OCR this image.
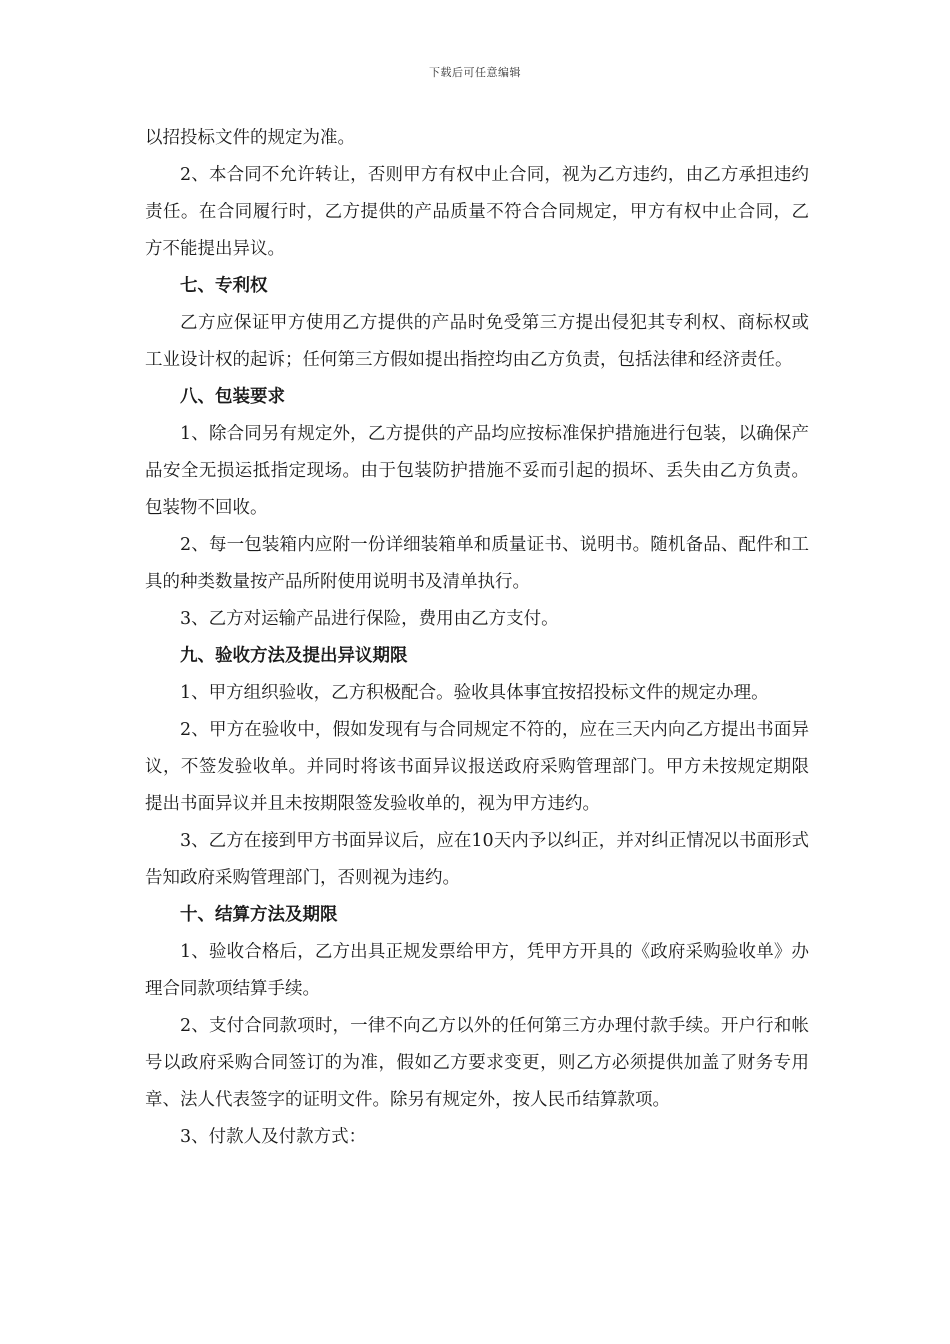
下载后可任意编辑

以招投标文件的规定为准。

2、本合同不允许转让，否则甲方有权中止合同，视为乙方违约，由乙方承担违约责任。在合同履行时，乙方提供的产品质量不符合合同规定，甲方有权中止合同，乙方不能提出异议。

七、专利权

乙方应保证甲方使用乙方提供的产品时免受第三方提出侵犯其专利权、商标权或工业设计权的起诉；任何第三方假如提出指控均由乙方负责，包括法律和经济责任。

八、包装要求

1、除合同另有规定外，乙方提供的产品均应按标准保护措施进行包装，以确保产品安全无损运抵指定现场。由于包装防护措施不妥而引起的损坏、丢失由乙方负责。包装物不回收。

2、每一包装箱内应附一份详细装箱单和质量证书、说明书。随机备品、配件和工具的种类数量按产品所附使用说明书及清单执行。

3、乙方对运输产品进行保险，费用由乙方支付。

九、验收方法及提出异议期限

1、甲方组织验收，乙方积极配合。验收具体事宜按招投标文件的规定办理。

2、甲方在验收中，假如发现有与合同规定不符的，应在三天内向乙方提出书面异议，不签发验收单。并同时将该书面异议报送政府采购管理部门。甲方未按规定期限提出书面异议并且未按期限签发验收单的，视为甲方违约。

3、乙方在接到甲方书面异议后，应在10天内予以纠正，并对纠正情况以书面形式告知政府采购管理部门，否则视为违约。

十、结算方法及期限

1、验收合格后，乙方出具正规发票给甲方，凭甲方开具的《政府采购验收单》办理合同款项结算手续。

2、支付合同款项时，一律不向乙方以外的任何第三方办理付款手续。开户行和帐号以政府采购合同签订的为准，假如乙方要求变更，则乙方必须提供加盖了财务专用章、法人代表签字的证明文件。除另有规定外，按人民币结算款项。

3、付款人及付款方式：
